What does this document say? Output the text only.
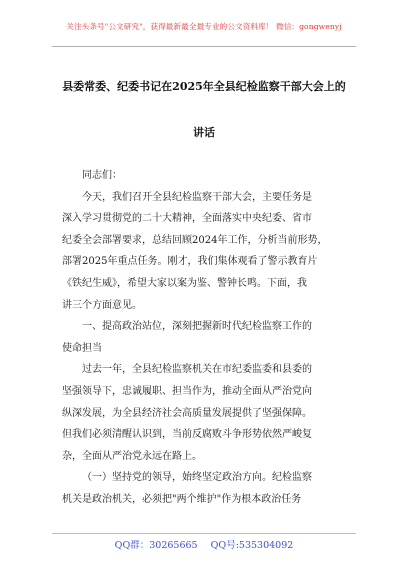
关注头条号"公文研究"，获得最新最全最专业的公文资料库！ 微信：gongwenyj
县委常委、纪委书记在2025年全县纪检监察干部大会上的
讲话
同志们：
今天，我们召开全县纪检监察干部大会，主要任务是
深入学习贯彻党的二十大精神，全面落实中央纪委、省市
纪委全会部署要求，总结回顾2024年工作，分析当前形势，
部署2025年重点任务。刚才，我们集体观看了警示教育片
《铁纪生威》，希望大家以案为鉴、警钟长鸣。下面，我
讲三个方面意见。
一、提高政治站位，深刻把握新时代纪检监察工作的
使命担当
过去一年，全县纪检监察机关在市纪委监委和县委的
坚强领导下，忠诚履职、担当作为，推动全面从严治党向
纵深发展，为全县经济社会高质量发展提供了坚强保障。
但我们必须清醒认识到，当前反腐败斗争形势依然严峻复
杂，全面从严治党永远在路上。
（一）坚持党的领导，始终坚定政治方向。纪检监察
机关是政治机关，必须把"两个维护"作为根本政治任务
QQ群：30265665 QQ号:535304092
